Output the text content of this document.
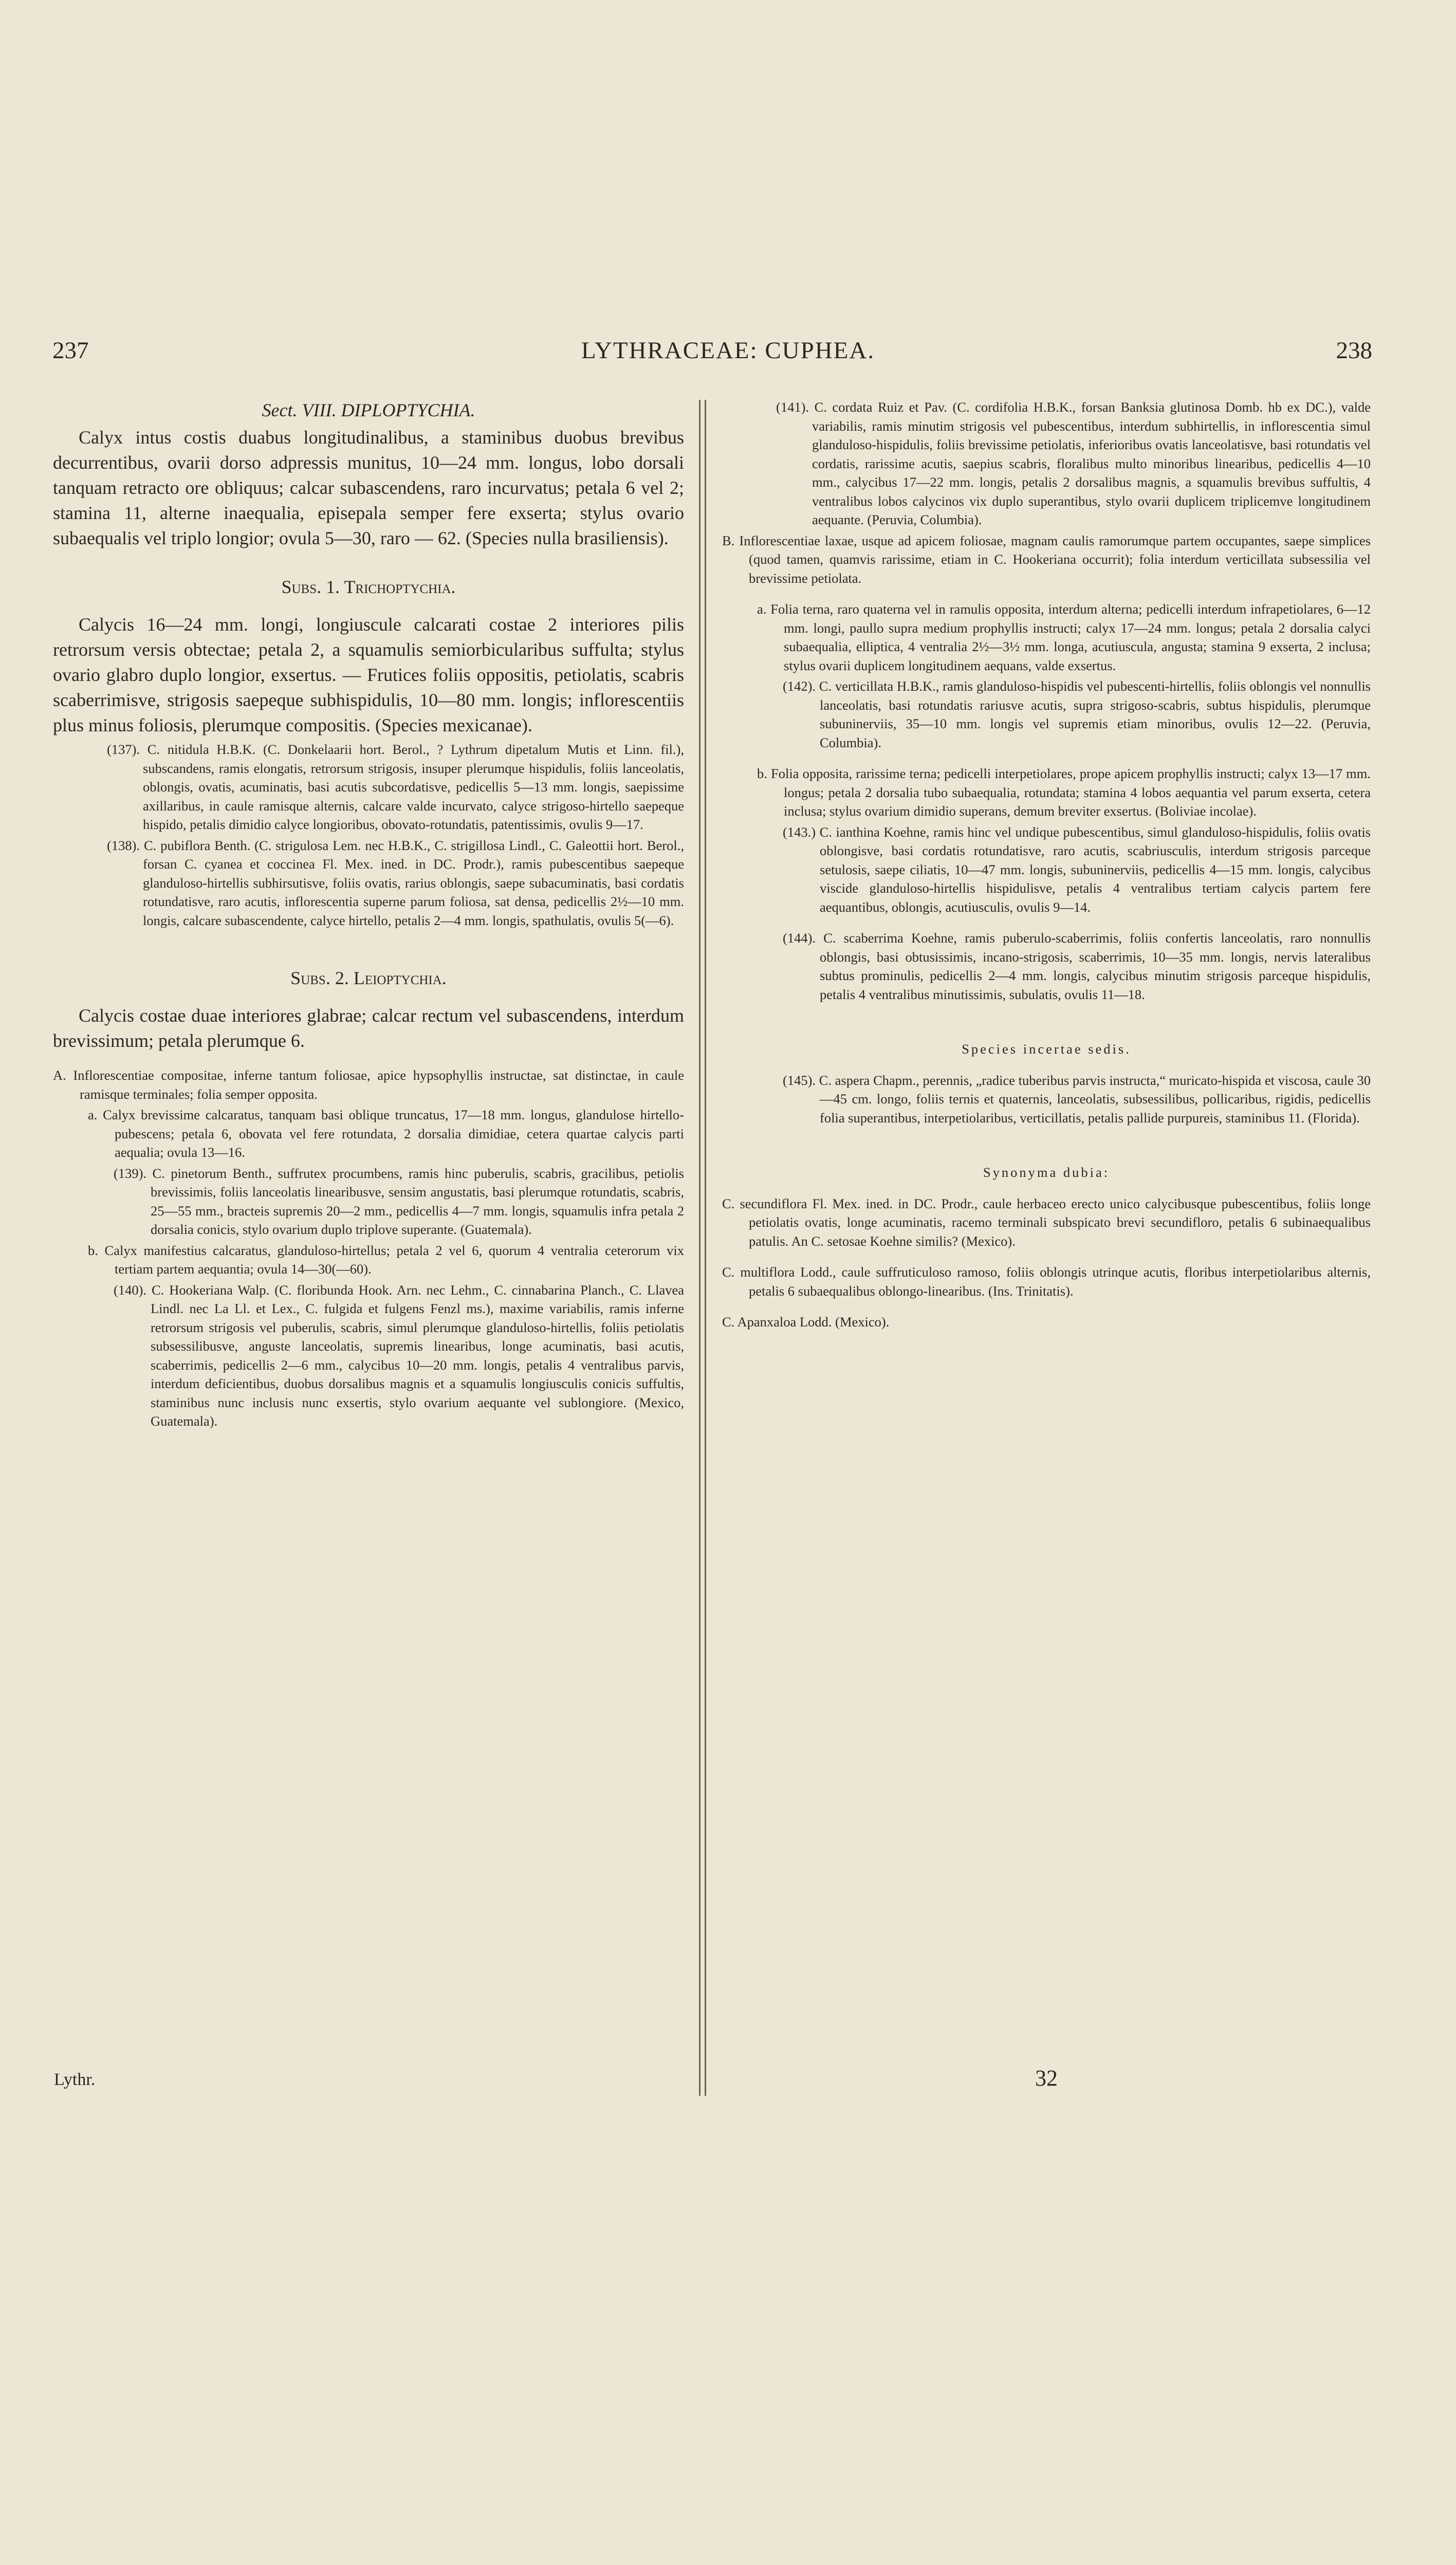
237	LYTHRACEAE: CUPHEA.	238

Sect. VIII. DIPLOPTYCHIA.

Calyx intus costis duabus longitudinalibus, a staminibus duobus brevibus decurrentibus, ovarii dorso adpressis munitus, 10—24 mm. longus, lobo dorsali tanquam retracto ore obliquus; calcar subascendens, raro incurvatus; petala 6 vel 2; stamina 11, alterne inaequalia, episepala semper fere exserta; stylus ovario subaequalis vel triplo longior; ovula 5—30, raro — 62. (Species nulla brasiliensis).

Subs. 1. Trichoptychia.

Calycis 16—24 mm. longi, longiuscule calcarati costae 2 interiores pilis retrorsum versis obtectae; petala 2, a squamulis semiorbicularibus suffulta; stylus ovario glabro duplo longior, exsertus. — Frutices foliis oppositis, petiolatis, scabris scaberrimisve, strigosis saepeque subhispidulis, 10—80 mm. longis; inflorescentiis plus minus foliosis, plerumque compositis. (Species mexicanae).

(137). C. nitidula H.B.K. (C. Donkelaarii hort. Berol., ? Lythrum dipetalum Mutis et Linn. fil.), subscandens, ramis elongatis, retrorsum strigosis, insuper plerumque hispidulis, foliis lanceolatis, oblongis, ovatis, acuminatis, basi acutis subcordatisve, pedicellis 5—13 mm. longis, saepissime axillaribus, in caule ramisque alternis, calcare valde incurvato, calyce strigoso-hirtello saepeque hispido, petalis dimidio calyce longioribus, obovato-rotundatis, patentissimis, ovulis 9—17.

(138). C. pubiflora Benth. (C. strigulosa Lem. nec H.B.K., C. strigillosa Lindl., C. Galeottii hort. Berol., forsan C. cyanea et coccinea Fl. Mex. ined. in DC. Prodr.), ramis pubescentibus saepeque glanduloso-hirtellis subhirsutisve, foliis ovatis, rarius oblongis, saepe subacuminatis, basi cordatis rotundatisve, raro acutis, inflorescentia superne parum foliosa, sat densa, pedicellis 2½—10 mm. longis, calcare subascendente, calyce hirtello, petalis 2—4 mm. longis, spathulatis, ovulis 5(—6).

Subs. 2. Leioptychia.

Calycis costae duae interiores glabrae; calcar rectum vel subascendens, interdum brevissimum; petala plerumque 6.

A. Inflorescentiae compositae, inferne tantum foliosae, apice hypsophyllis instructae, sat distinctae, in caule ramisque terminales; folia semper opposita.

a. Calyx brevissime calcaratus, tanquam basi oblique truncatus, 17—18 mm. longus, glandulose hirtello-pubescens; petala 6, obovata vel fere rotundata, 2 dorsalia dimidiae, cetera quartae calycis parti aequalia; ovula 13—16.

(139). C. pinetorum Benth., suffrutex procumbens, ramis hinc puberulis, scabris, gracilibus, petiolis brevissimis, foliis lanceolatis linearibusve, sensim angustatis, basi plerumque rotundatis, scabris, 25—55 mm., bracteis supremis 20—2 mm., pedicellis 4—7 mm. longis, squamulis infra petala 2 dorsalia conicis, stylo ovarium duplo triplove superante. (Guatemala).

b. Calyx manifestius calcaratus, glanduloso-hirtellus; petala 2 vel 6, quorum 4 ventralia ceterorum vix tertiam partem aequantia; ovula 14—30(—60).

(140). C. Hookeriana Walp. (C. floribunda Hook. Arn. nec Lehm., C. cinnabarina Planch., C. Llavea Lindl. nec La Ll. et Lex., C. fulgida et fulgens Fenzl ms.), maxime variabilis, ramis inferne retrorsum strigosis vel puberulis, scabris, simul plerumque glanduloso-hirtellis, foliis petiolatis subsessilibusve, anguste lanceolatis, supremis linearibus, longe acuminatis, basi acutis, scaberrimis, pedicellis 2—6 mm., calycibus 10—20 mm. longis, petalis 4 ventralibus parvis, interdum deficientibus, duobus dorsalibus magnis et a squamulis longiusculis conicis suffultis, staminibus nunc inclusis nunc exsertis, stylo ovarium aequante vel sublongiore. (Mexico, Guatemala).

(141). C. cordata Ruiz et Pav. (C. cordifolia H.B.K., forsan Banksia glutinosa Domb. hb ex DC.), valde variabilis, ramis minutim strigosis vel pubescentibus, interdum subhirtellis, in inflorescentia simul glanduloso-hispidulis, foliis brevissime petiolatis, inferioribus ovatis lanceolatisve, basi rotundatis vel cordatis, rarissime acutis, saepius scabris, floralibus multo minoribus linearibus, pedicellis 4—10 mm., calycibus 17—22 mm. longis, petalis 2 dorsalibus magnis, a squamulis brevibus suffultis, 4 ventralibus lobos calycinos vix duplo superantibus, stylo ovarii duplicem triplicemve longitudinem aequante. (Peruvia, Columbia).

B. Inflorescentiae laxae, usque ad apicem foliosae, magnam caulis ramorumque partem occupantes, saepe simplices (quod tamen, quamvis rarissime, etiam in C. Hookeriana occurrit); folia interdum verticillata subsessilia vel brevissime petiolata.

a. Folia terna, raro quaterna vel in ramulis opposita, interdum alterna; pedicelli interdum infrapetiolares, 6—12 mm. longi, paullo supra medium prophyllis instructi; calyx 17—24 mm. longus; petala 2 dorsalia calyci subaequalia, elliptica, 4 ventralia 2½—3½ mm. longa, acutiuscula, angusta; stamina 9 exserta, 2 inclusa; stylus ovarii duplicem longitudinem aequans, valde exsertus.

(142). C. verticillata H.B.K., ramis glanduloso-hispidis vel pubescenti-hirtellis, foliis oblongis vel nonnullis lanceolatis, basi rotundatis rariusve acutis, supra strigoso-scabris, subtus hispidulis, plerumque subuninerviis, 35—10 mm. longis vel supremis etiam minoribus, ovulis 12—22. (Peruvia, Columbia).

b. Folia opposita, rarissime terna; pedicelli interpetiolares, prope apicem prophyllis instructi; calyx 13—17 mm. longus; petala 2 dorsalia tubo subaequalia, rotundata; stamina 4 lobos aequantia vel parum exserta, cetera inclusa; stylus ovarium dimidio superans, demum breviter exsertus. (Boliviae incolae).

(143.) C. ianthina Koehne, ramis hinc vel undique pubescentibus, simul glanduloso-hispidulis, foliis ovatis oblongisve, basi cordatis rotundatisve, raro acutis, scabriusculis, interdum strigosis parceque setulosis, saepe ciliatis, 10—47 mm. longis, subuninerviis, pedicellis 4—15 mm. longis, calycibus viscide glanduloso-hirtellis hispidulisve, petalis 4 ventralibus tertiam calycis partem fere aequantibus, oblongis, acutiusculis, ovulis 9—14.

(144). C. scaberrima Koehne, ramis puberulo-scaberrimis, foliis confertis lanceolatis, raro nonnullis oblongis, basi obtusissimis, incano-strigosis, scaberrimis, 10—35 mm. longis, nervis lateralibus subtus prominulis, pedicellis 2—4 mm. longis, calycibus minutim strigosis parceque hispidulis, petalis 4 ventralibus minutissimis, subulatis, ovulis 11—18.

Species incertae sedis.

(145). C. aspera Chapm., perennis, „radice tuberibus parvis instructa,“ muricato-hispida et viscosa, caule 30—45 cm. longo, foliis ternis et quaternis, lanceolatis, subsessilibus, pollicaribus, rigidis, pedicellis folia superantibus, interpetiolaribus, verticillatis, petalis pallide purpureis, staminibus 11. (Florida).

Synonyma dubia:

C. secundiflora Fl. Mex. ined. in DC. Prodr., caule herbaceo erecto unico calycibusque pubescentibus, foliis longe petiolatis ovatis, longe acuminatis, racemo terminali subspicato brevi secundifloro, petalis 6 subinaequalibus patulis. An C. setosae Koehne similis? (Mexico).

C. multiflora Lodd., caule suffruticuloso ramoso, foliis oblongis utrinque acutis, floribus interpetiolaribus alternis, petalis 6 subaequalibus oblongo-linearibus. (Ins. Trinitatis).

C. Apanxaloa Lodd. (Mexico).

Lythr.	32
